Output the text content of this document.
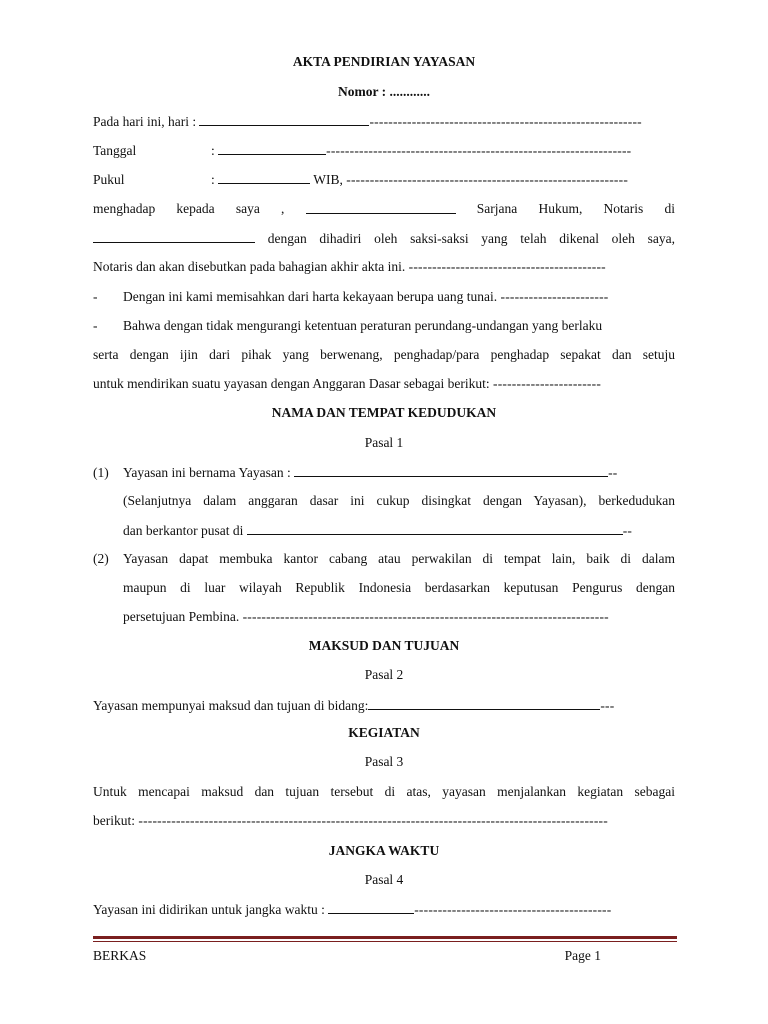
AKTA PENDIRIAN YAYASAN
Nomor : ............
Pada hari ini, hari :	----------------------------------------------------------
Tanggal	:	-----------------------------------------------------------------
Pukul	:	WIB, ------------------------------------------------------------
menghadap kepada saya ,	Sarjana Hukum, Notaris di
dengan dihadiri oleh saksi-saksi yang telah dikenal oleh saya,
Notaris dan akan disebutkan pada bahagian akhir akta ini. ------------------------------------------
- Dengan ini kami memisahkan dari harta kekayaan berupa uang tunai. -----------------------
- Bahwa dengan tidak mengurangi ketentuan peraturan perundang-undangan yang berlaku
serta dengan ijin dari pihak yang berwenang, penghadap/para penghadap sepakat dan setuju
untuk mendirikan suatu yayasan dengan Anggaran Dasar sebagai berikut: -----------------------
NAMA DAN TEMPAT KEDUDUKAN
Pasal 1
(1) Yayasan ini bernama Yayasan :	--
(Selanjutnya dalam anggaran dasar ini cukup disingkat dengan Yayasan), berkedudukan
dan berkantor pusat di	--
(2) Yayasan dapat membuka kantor cabang atau perwakilan di tempat lain, baik di dalam
maupun di luar wilayah Republik Indonesia berdasarkan keputusan Pengurus dengan
persetujuan Pembina. ------------------------------------------------------------------------------
MAKSUD DAN TUJUAN
Pasal 2
Yayasan mempunyai maksud dan tujuan di bidang:	---
KEGIATAN
Pasal 3
Untuk mencapai maksud dan tujuan tersebut di atas, yayasan menjalankan kegiatan sebagai
berikut: ----------------------------------------------------------------------------------------------------
JANGKA WAKTU
Pasal 4
Yayasan ini didirikan untuk jangka waktu :	------------------------------------------
BERKAS	Page 1
